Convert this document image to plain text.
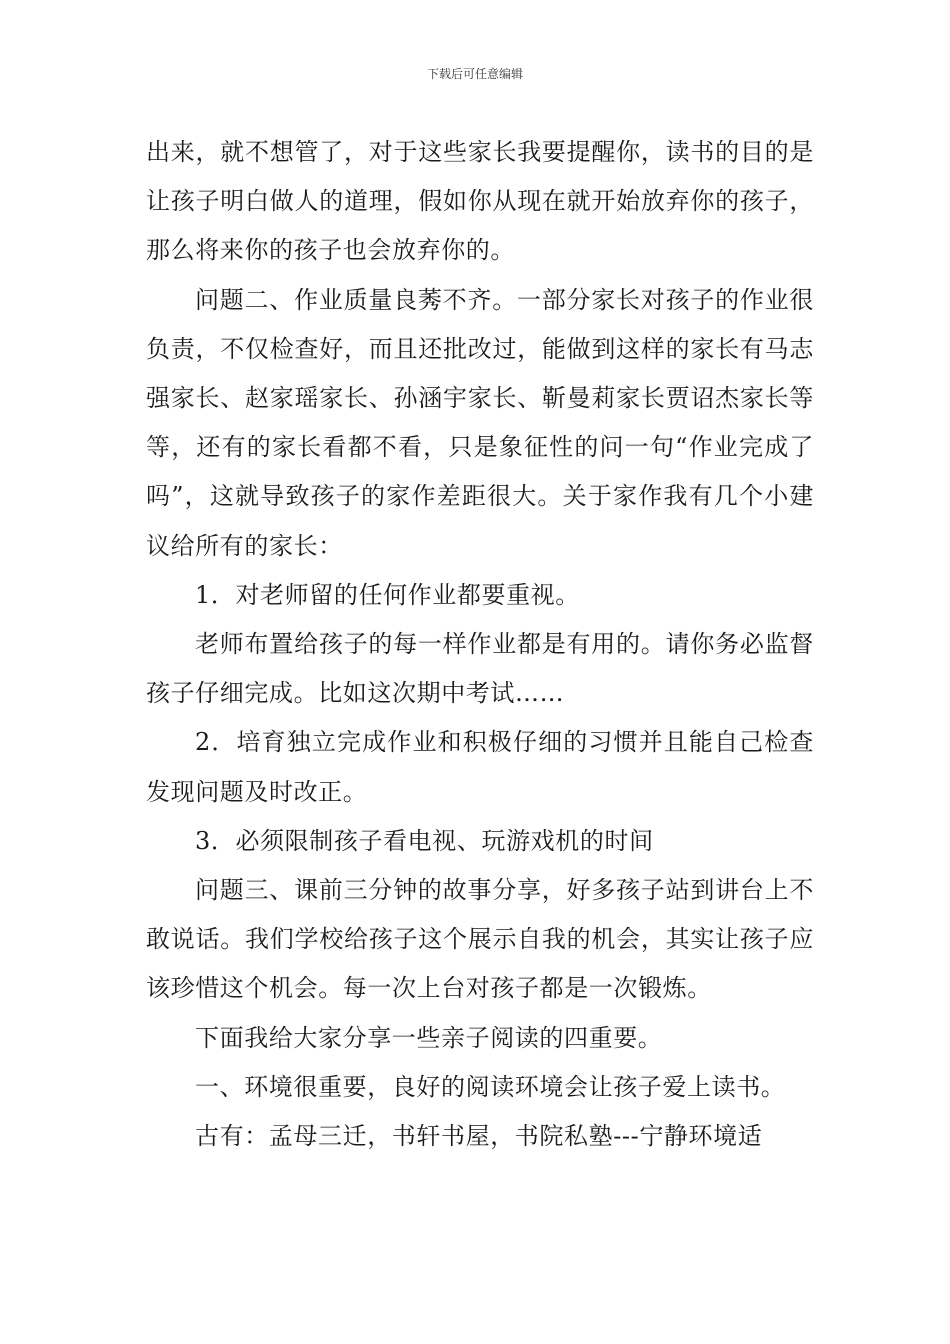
下载后可任意编辑

出来，就不想管了，对于这些家长我要提醒你，读书的目的是让孩子明白做人的道理，假如你从现在就开始放弃你的孩子，那么将来你的孩子也会放弃你的。

问题二、作业质量良莠不齐。一部分家长对孩子的作业很负责，不仅检查好，而且还批改过，能做到这样的家长有马志强家长、赵家瑶家长、孙涵宇家长、靳曼莉家长贾诏杰家长等等，还有的家长看都不看，只是象征性的问一句“作业完成了吗”，这就导致孩子的家作差距很大。关于家作我有几个小建议给所有的家长：

1．对老师留的任何作业都要重视。

老师布置给孩子的每一样作业都是有用的。请你务必监督孩子仔细完成。比如这次期中考试……

2．培育独立完成作业和积极仔细的习惯并且能自己检查发现问题及时改正。

3．必须限制孩子看电视、玩游戏机的时间

问题三、课前三分钟的故事分享，好多孩子站到讲台上不敢说话。我们学校给孩子这个展示自我的机会，其实让孩子应该珍惜这个机会。每一次上台对孩子都是一次锻炼。

下面我给大家分享一些亲子阅读的四重要。

一、环境很重要，良好的阅读环境会让孩子爱上读书。

古有：孟母三迁，书轩书屋，书院私塾---宁静环境适
